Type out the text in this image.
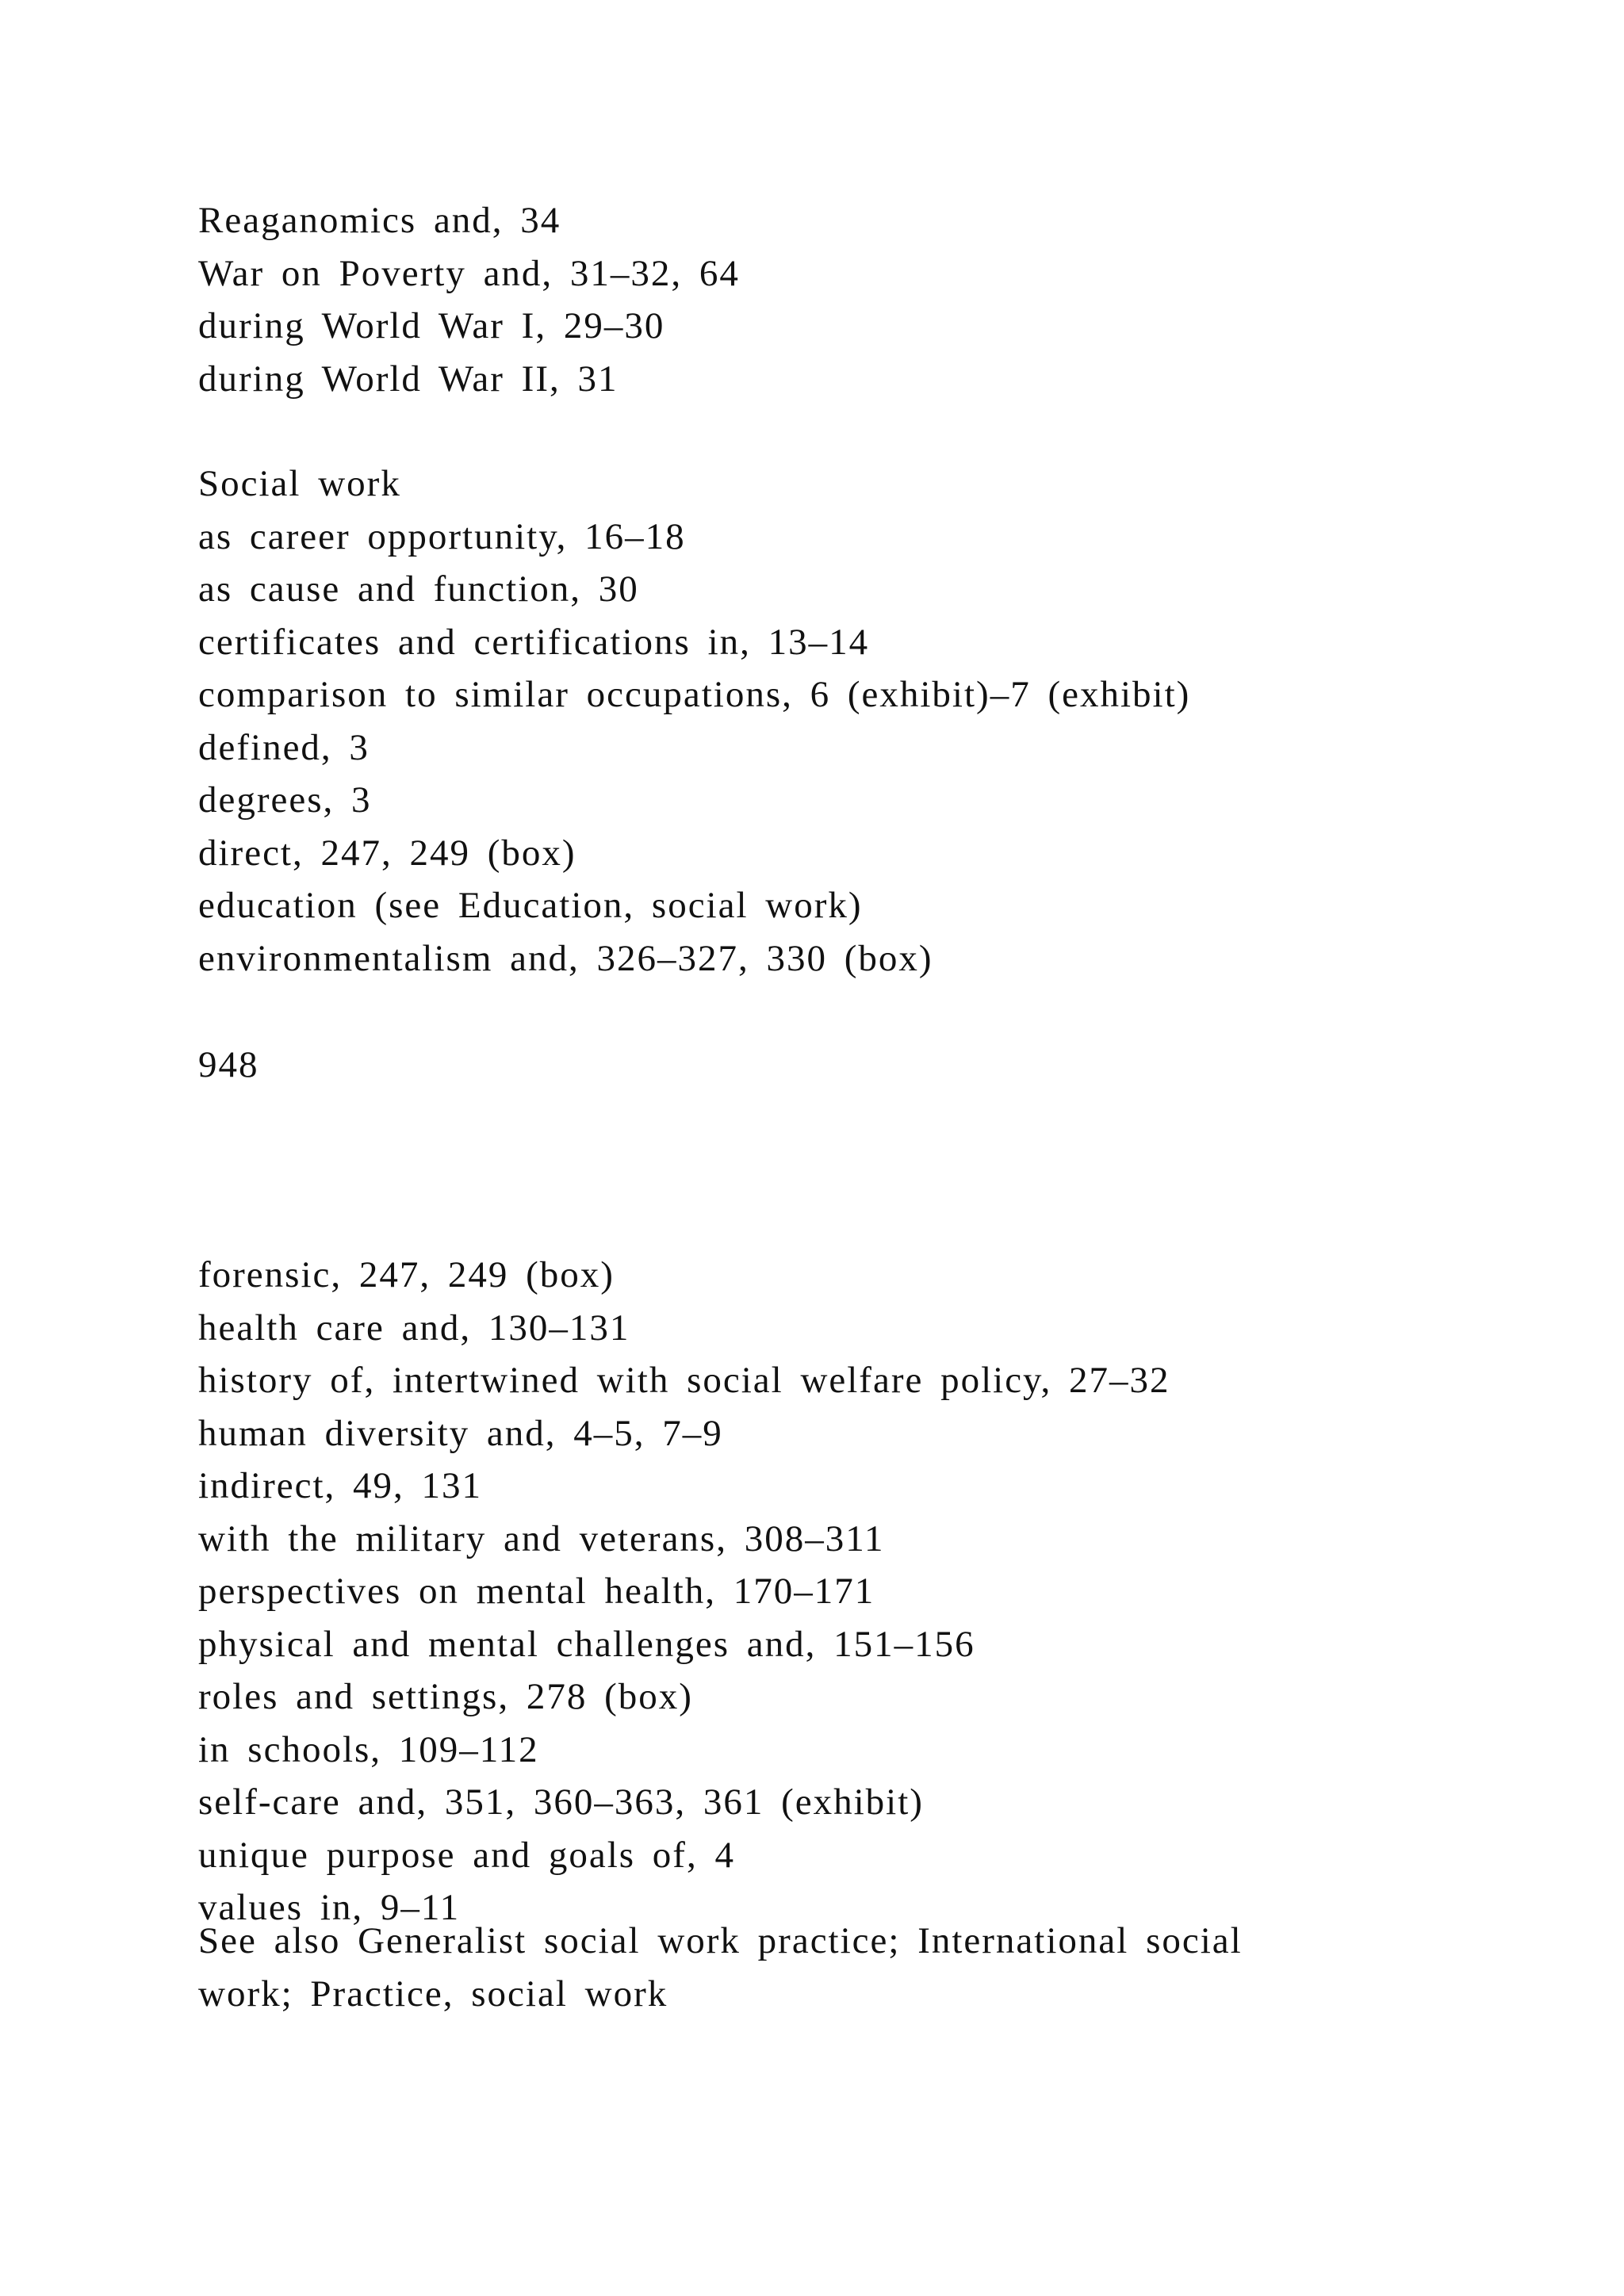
Reaganomics and, 34
War on Poverty and, 31–32, 64
during World War I, 29–30
during World War II, 31
Social work
as career opportunity, 16–18
as cause and function, 30
certificates and certifications in, 13–14
comparison to similar occupations, 6 (exhibit)–7 (exhibit)
defined, 3
degrees, 3
direct, 247, 249 (box)
education (see Education, social work)
environmentalism and, 326–327, 330 (box)
948
forensic, 247, 249 (box)
health care and, 130–131
history of, intertwined with social welfare policy, 27–32
human diversity and, 4–5, 7–9
indirect, 49, 131
with the military and veterans, 308–311
perspectives on mental health, 170–171
physical and mental challenges and, 151–156
roles and settings, 278 (box)
in schools, 109–112
self-care and, 351, 360–363, 361 (exhibit)
unique purpose and goals of, 4
values in, 9–11
See also Generalist social work practice; International social
work; Practice, social work
